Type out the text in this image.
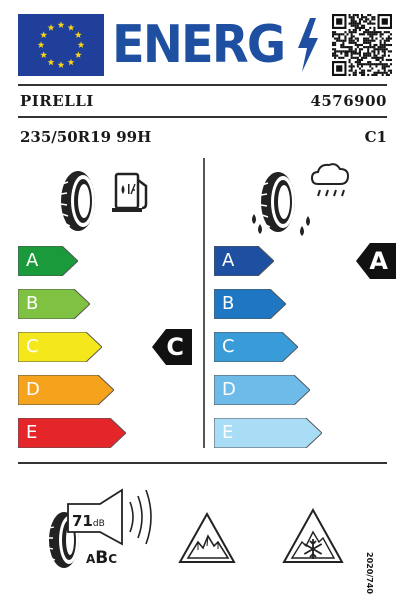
ENERG
PIRELLI	4576900
235/50R19 99H	C1
A
B
C
D
E
C
A
B
C
D
E
A
71dB
ABC	2020/740
